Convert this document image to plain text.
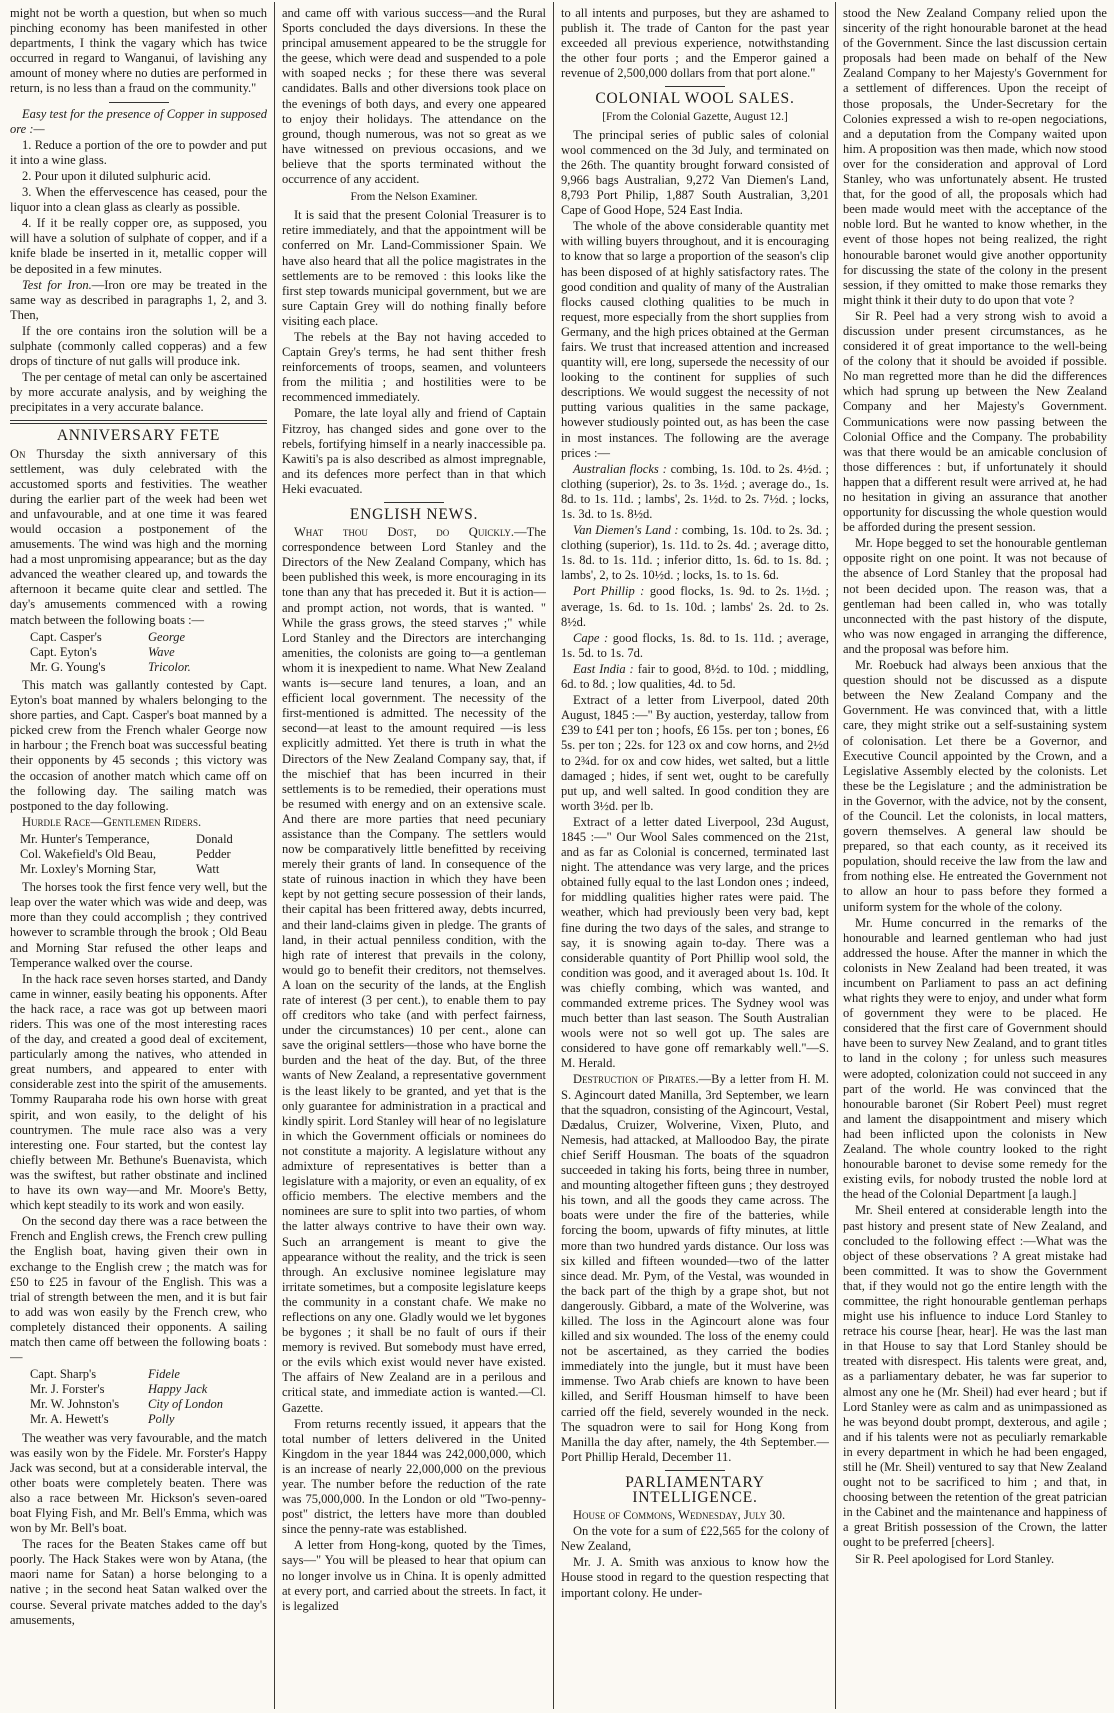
might not be worth a question, but when so much pinching economy has been manifested in other departments, I think the vagary which has twice occurred in regard to Wanganui, of lavishing any amount of money where no duties are performed in return, is no less than a fraud on the community."

Easy test for the presence of Copper in supposed ore :—

1. Reduce a portion of the ore to powder and put it into a wine glass.

2. Pour upon it diluted sulphuric acid.

3. When the effervescence has ceased, pour the liquor into a clean glass as clearly as possible.

4. If it be really copper ore, as supposed, you will have a solution of sulphate of copper, and if a knife blade be inserted in it, metallic copper will be deposited in a few minutes.

Test for Iron.—Iron ore may be treated in the same way as described in paragraphs 1, 2, and 3. Then,

If the ore contains iron the solution will be a sulphate (commonly called copperas) and a few drops of tincture of nut galls will produce ink.

The per centage of metal can only be ascertained by more accurate analysis, and by weighing the precipitates in a very accurate balance.

ANNIVERSARY FETE

On Thursday the sixth anniversary of this settlement, was duly celebrated with the accustomed sports and festivities. The weather during the earlier part of the week had been wet and unfavourable, and at one time it was feared would occasion a postponement of the amusements. The wind was high and the morning had a most unpromising appearance; but as the day advanced the weather cleared up, and towards the afternoon it became quite clear and settled. The day's amusements commenced with a rowing match between the following boats :—

Capt. Casper's	George
Capt. Eyton's	Wave
Mr. G. Young's	Tricolor.

This match was gallantly contested by Capt. Eyton's boat manned by whalers belonging to the shore parties, and Capt. Casper's boat manned by a picked crew from the French whaler George now in harbour ; the French boat was successful beating their opponents by 45 seconds ; this victory was the occasion of another match which came off on the following day. The sailing match was postponed to the day following.

Hurdle Race—Gentlemen Riders.

Mr. Hunter's Temperance,	Donald
Col. Wakefield's Old Beau,	Pedder
Mr. Loxley's Morning Star,	Watt

The horses took the first fence very well, but the leap over the water which was wide and deep, was more than they could accomplish ; they contrived however to scramble through the brook ; Old Beau and Morning Star refused the other leaps and Temperance walked over the course.

In the hack race seven horses started, and Dandy came in winner, easily beating his opponents. After the hack race, a race was got up between maori riders. This was one of the most interesting races of the day, and created a good deal of excitement, particularly among the natives, who attended in great numbers, and appeared to enter with considerable zest into the spirit of the amusements. Tommy Rauparaha rode his own horse with great spirit, and won easily, to the delight of his countrymen. The mule race also was a very interesting one. Four started, but the contest lay chiefly between Mr. Bethune's Buenavista, which was the swiftest, but rather obstinate and inclined to have its own way—and Mr. Moore's Betty, which kept steadily to its work and won easily.

On the second day there was a race between the French and English crews, the French crew pulling the English boat, having given their own in exchange to the English crew ; the match was for £50 to £25 in favour of the English. This was a trial of strength between the men, and it is but fair to add was won easily by the French crew, who completely distanced their opponents. A sailing match then came off between the following boats :—

Capt. Sharp's	Fidele
Mr. J. Forster's	Happy Jack
Mr. W. Johnston's	City of London
Mr. A. Hewett's	Polly

The weather was very favourable, and the match was easily won by the Fidele. Mr. Forster's Happy Jack was second, but at a considerable interval, the other boats were completely beaten. There was also a race between Mr. Hickson's seven-oared boat Flying Fish, and Mr. Bell's Emma, which was won by Mr. Bell's boat.

The races for the Beaten Stakes came off but poorly. The Hack Stakes were won by Atana, (the maori name for Satan) a horse belonging to a native ; in the second heat Satan walked over the course. Several private matches added to the day's amusements,

and came off with various success—and the Rural Sports concluded the days diversions. In these the principal amusement appeared to be the struggle for the geese, which were dead and suspended to a pole with soaped necks ; for these there was several candidates. Balls and other diversions took place on the evenings of both days, and every one appeared to enjoy their holidays. The attendance on the ground, though numerous, was not so great as we have witnessed on previous occasions, and we believe that the sports terminated without the occurrence of any accident.

From the Nelson Examiner.

It is said that the present Colonial Treasurer is to retire immediately, and that the appointment will be conferred on Mr. Land-Commissioner Spain. We have also heard that all the police magistrates in the settlements are to be removed : this looks like the first step towards municipal government, but we are sure Captain Grey will do nothing finally before visiting each place.

The rebels at the Bay not having acceded to Captain Grey's terms, he had sent thither fresh reinforcements of troops, seamen, and volunteers from the militia ; and hostilities were to be recommenced immediately.

Pomare, the late loyal ally and friend of Captain Fitzroy, has changed sides and gone over to the rebels, fortifying himself in a nearly inaccessible pa. Kawiti's pa is also described as almost impregnable, and its defences more perfect than in that which Heki evacuated.

ENGLISH NEWS.

What thou Dost, do Quickly.—The correspondence between Lord Stanley and the Directors of the New Zealand Company, which has been published this week, is more encouraging in its tone than any that has preceded it. But it is action—and prompt action, not words, that is wanted. " While the grass grows, the steed starves ;" while Lord Stanley and the Directors are interchanging amenities, the colonists are going to—a gentleman whom it is inexpedient to name. What New Zealand wants is—secure land tenures, a loan, and an efficient local government. The necessity of the first-mentioned is admitted. The necessity of the second—at least to the amount required —is less explicitly admitted. Yet there is truth in what the Directors of the New Zealand Company say, that, if the mischief that has been incurred in their settlements is to be remedied, their operations must be resumed with energy and on an extensive scale. And there are more parties that need pecuniary assistance than the Company. The settlers would now be comparatively little benefitted by receiving merely their grants of land. In consequence of the state of ruinous inaction in which they have been kept by not getting secure possession of their lands, their capital has been frittered away, debts incurred, and their land-claims given in pledge. The grants of land, in their actual penniless condition, with the high rate of interest that prevails in the colony, would go to benefit their creditors, not themselves. A loan on the security of the lands, at the English rate of interest (3 per cent.), to enable them to pay off creditors who take (and with perfect fairness, under the circumstances) 10 per cent., alone can save the original settlers—those who have borne the burden and the heat of the day. But, of the three wants of New Zealand, a representative government is the least likely to be granted, and yet that is the only guarantee for administration in a practical and kindly spirit. Lord Stanley will hear of no legislature in which the Government officials or nominees do not constitute a majority. A legislature without any admixture of representatives is better than a legislature with a majority, or even an equality, of ex officio members. The elective members and the nominees are sure to split into two parties, of whom the latter always contrive to have their own way. Such an arrangement is meant to give the appearance without the reality, and the trick is seen through. An exclusive nominee legislature may irritate sometimes, but a composite legislature keeps the community in a constant chafe. We make no reflections on any one. Gladly would we let bygones be bygones ; it shall be no fault of ours if their memory is revived. But somebody must have erred, or the evils which exist would never have existed. The affairs of New Zealand are in a perilous and critical state, and immediate action is wanted.—Cl. Gazette.

From returns recently issued, it appears that the total number of letters delivered in the United Kingdom in the year 1844 was 242,000,000, which is an increase of nearly 22,000,000 on the previous year. The number before the reduction of the rate was 75,000,000. In the London or old "Two-penny-post" district, the letters have more than doubled since the penny-rate was established.

A letter from Hong-kong, quoted by the Times, says—" You will be pleased to hear that opium can no longer involve us in China. It is openly admitted at every port, and carried about the streets. In fact, it is legalized

to all intents and purposes, but they are ashamed to publish it. The trade of Canton for the past year exceeded all previous experience, notwithstanding the other four ports ; and the Emperor gained a revenue of 2,500,000 dollars from that port alone."

COLONIAL WOOL SALES.
[From the Colonial Gazette, August 12.]

The principal series of public sales of colonial wool commenced on the 3d July, and terminated on the 26th. The quantity brought forward consisted of 9,966 bags Australian, 9,272 Van Diemen's Land, 8,793 Port Philip, 1,887 South Australian, 3,201 Cape of Good Hope, 524 East India.

The whole of the above considerable quantity met with willing buyers throughout, and it is encouraging to know that so large a proportion of the season's clip has been disposed of at highly satisfactory rates. The good condition and quality of many of the Australian flocks caused clothing qualities to be much in request, more especially from the short supplies from Germany, and the high prices obtained at the German fairs. We trust that increased attention and increased quantity will, ere long, supersede the necessity of our looking to the continent for supplies of such descriptions. We would suggest the necessity of not putting various qualities in the same package, however studiously pointed out, as has been the case in most instances. The following are the average prices :—

Australian flocks : combing, 1s. 10d. to 2s. 4½d. ; clothing (superior), 2s. to 3s. 1½d. ; average do., 1s. 8d. to 1s. 11d. ; lambs', 2s. 1½d. to 2s. 7½d. ; locks, 1s. 3d. to 1s. 8½d.

Van Diemen's Land : combing, 1s. 10d. to 2s. 3d. ; clothing (superior), 1s. 11d. to 2s. 4d. ; average ditto, 1s. 8d. to 1s. 11d. ; inferior ditto, 1s. 6d. to 1s. 8d. ; lambs', 2, to 2s. 10½d. ; locks, 1s. to 1s. 6d.

Port Phillip : good flocks, 1s. 9d. to 2s. 1½d. ; average, 1s. 6d. to 1s. 10d. ; lambs' 2s. 2d. to 2s. 8½d.

Cape : good flocks, 1s. 8d. to 1s. 11d. ; average, 1s. 5d. to 1s. 7d.

East India : fair to good, 8½d. to 10d. ; middling, 6d. to 8d. ; low qualities, 4d. to 5d.

Extract of a letter from Liverpool, dated 20th August, 1845 :—" By auction, yesterday, tallow from £39 to £41 per ton ; hoofs, £6 15s. per ton ; bones, £6 5s. per ton ; 22s. for 123 ox and cow horns, and 2½d to 2¾d. for ox and cow hides, wet salted, but a little damaged ; hides, if sent wet, ought to be carefully put up, and well salted. In good condition they are worth 3½d. per lb.

Extract of a letter dated Liverpool, 23d August, 1845 :—" Our Wool Sales commenced on the 21st, and as far as Colonial is concerned, terminated last night. The attendance was very large, and the prices obtained fully equal to the last London ones ; indeed, for middling qualities higher rates were paid. The weather, which had previously been very bad, kept fine during the two days of the sales, and strange to say, it is snowing again to-day. There was a considerable quantity of Port Phillip wool sold, the condition was good, and it averaged about 1s. 10d. It was chiefly combing, which was wanted, and commanded extreme prices. The Sydney wool was much better than last season. The South Australian wools were not so well got up. The sales are considered to have gone off remarkably well."—S. M. Herald.

Destruction of Pirates.—By a letter from H. M. S. Agincourt dated Manilla, 3rd September, we learn that the squadron, consisting of the Agincourt, Vestal, Dædalus, Cruizer, Wolverine, Vixen, Pluto, and Nemesis, had attacked, at Malloodoo Bay, the pirate chief Seriff Housman. The boats of the squadron succeeded in taking his forts, being three in number, and mounting altogether fifteen guns ; they destroyed his town, and all the goods they came across. The boats were under the fire of the batteries, while forcing the boom, upwards of fifty minutes, at little more than two hundred yards distance. Our loss was six killed and fifteen wounded—two of the latter since dead. Mr. Pym, of the Vestal, was wounded in the back part of the thigh by a grape shot, but not dangerously. Gibbard, a mate of the Wolverine, was killed. The loss in the Agincourt alone was four killed and six wounded. The loss of the enemy could not be ascertained, as they carried the bodies immediately into the jungle, but it must have been immense. Two Arab chiefs are known to have been killed, and Seriff Housman himself to have been carried off the field, severely wounded in the neck. The squadron were to sail for Hong Kong from Manilla the day after, namely, the 4th September.—Port Phillip Herald, December 11.

PARLIAMENTARY INTELLIGENCE.

House of Commons, Wednesday, July 30.

On the vote for a sum of £22,565 for the colony of New Zealand,

Mr. J. A. Smith was anxious to know how the House stood in regard to the question respecting that important colony. He under-

stood the New Zealand Company relied upon the sincerity of the right honourable baronet at the head of the Government. Since the last discussion certain proposals had been made on behalf of the New Zealand Company to her Majesty's Government for a settlement of differences. Upon the receipt of those proposals, the Under-Secretary for the Colonies expressed a wish to re-open negociations, and a deputation from the Company waited upon him. A proposition was then made, which now stood over for the consideration and approval of Lord Stanley, who was unfortunately absent. He trusted that, for the good of all, the proposals which had been made would meet with the acceptance of the noble lord. But he wanted to know whether, in the event of those hopes not being realized, the right honourable baronet would give another opportunity for discussing the state of the colony in the present session, if they omitted to make those remarks they might think it their duty to do upon that vote ?

Sir R. Peel had a very strong wish to avoid a discussion under present circumstances, as he considered it of great importance to the well-being of the colony that it should be avoided if possible. No man regretted more than he did the differences which had sprung up between the New Zealand Company and her Majesty's Government. Communications were now passing between the Colonial Office and the Company. The probability was that there would be an amicable conclusion of those differences : but, if unfortunately it should happen that a different result were arrived at, he had no hesitation in giving an assurance that another opportunity for discussing the whole question would be afforded during the present session.

Mr. Hope begged to set the honourable gentleman opposite right on one point. It was not because of the absence of Lord Stanley that the proposal had not been decided upon. The reason was, that a gentleman had been called in, who was totally unconnected with the past history of the dispute, who was now engaged in arranging the difference, and the proposal was before him.

Mr. Roebuck had always been anxious that the question should not be discussed as a dispute between the New Zealand Company and the Government. He was convinced that, with a little care, they might strike out a self-sustaining system of colonisation. Let there be a Governor, and Executive Council appointed by the Crown, and a Legislative Assembly elected by the colonists. Let these be the Legislature ; and the administration be in the Governor, with the advice, not by the consent, of the Council. Let the colonists, in local matters, govern themselves. A general law should be prepared, so that each county, as it received its population, should receive the law from the law and from nothing else. He entreated the Government not to allow an hour to pass before they formed a uniform system for the whole of the colony.

Mr. Hume concurred in the remarks of the honourable and learned gentleman who had just addressed the house. After the manner in which the colonists in New Zealand had been treated, it was incumbent on Parliament to pass an act defining what rights they were to enjoy, and under what form of government they were to be placed. He considered that the first care of Government should have been to survey New Zealand, and to grant titles to land in the colony ; for unless such measures were adopted, colonization could not succeed in any part of the world. He was convinced that the honourable baronet (Sir Robert Peel) must regret and lament the disappointment and misery which had been inflicted upon the colonists in New Zealand. The whole country looked to the right honourable baronet to devise some remedy for the existing evils, for nobody trusted the noble lord at the head of the Colonial Department [a laugh.]

Mr. Sheil entered at considerable length into the past history and present state of New Zealand, and concluded to the following effect :—What was the object of these observations ? A great mistake had been committed. It was to show the Government that, if they would not go the entire length with the committee, the right honourable gentleman perhaps might use his influence to induce Lord Stanley to retrace his course [hear, hear]. He was the last man in that House to say that Lord Stanley should be treated with disrespect. His talents were great, and, as a parliamentary debater, he was far superior to almost any one he (Mr. Sheil) had ever heard ; but if Lord Stanley were as calm and as unimpassioned as he was beyond doubt prompt, dexterous, and agile ; and if his talents were not as peculiarly remarkable in every department in which he had been engaged, still he (Mr. Sheil) ventured to say that New Zealand ought not to be sacrificed to him ; and that, in choosing between the retention of the great patrician in the Cabinet and the maintenance and happiness of a great British possession of the Crown, the latter ought to be preferred [cheers].

Sir R. Peel apologised for Lord Stanley.
